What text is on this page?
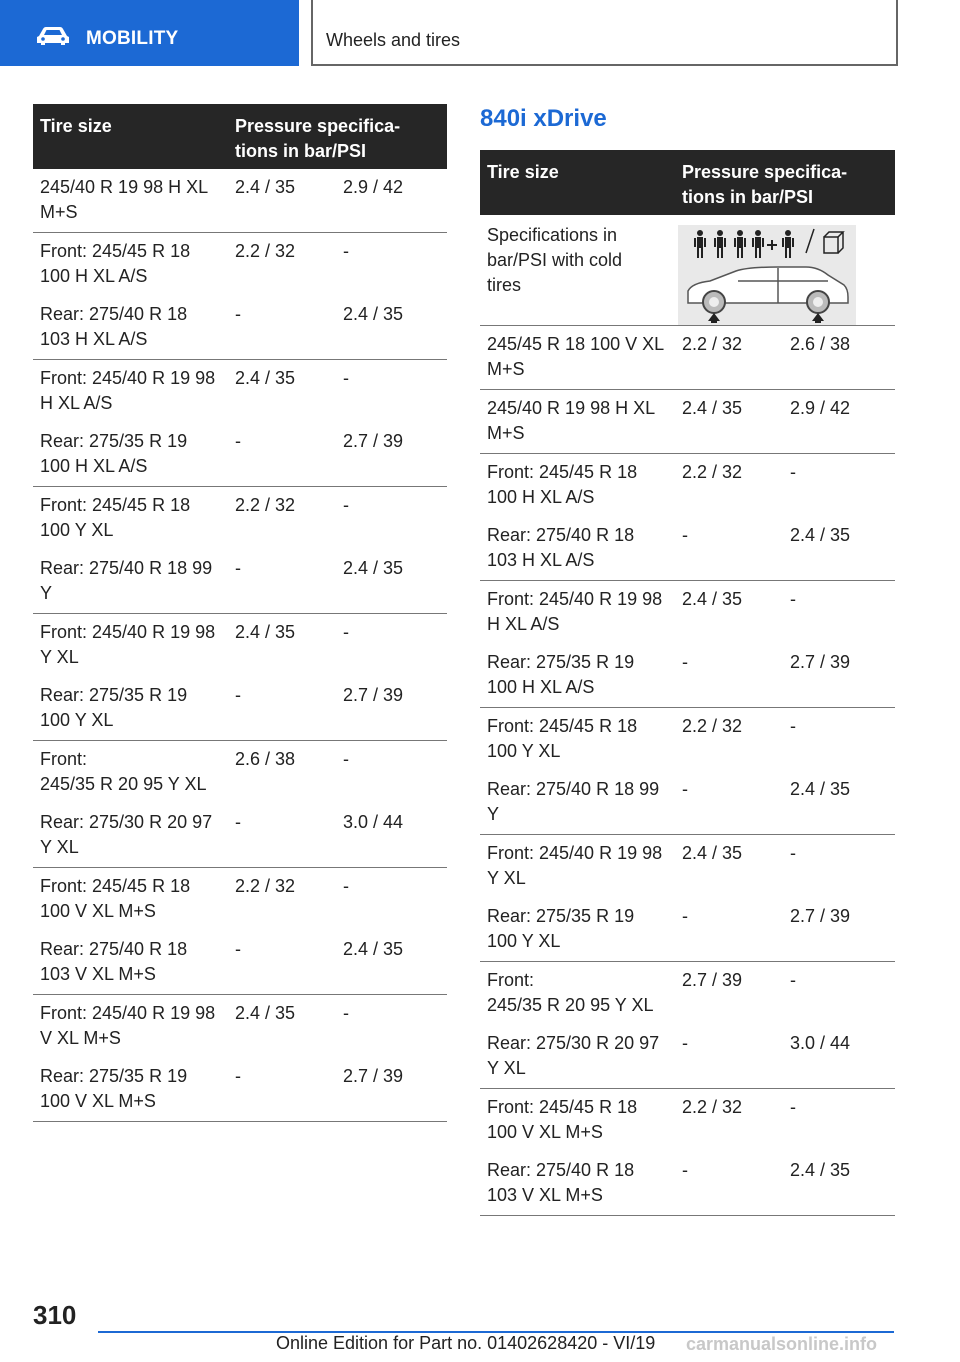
MOBILITY	Wheels and tires
Tire size	Pressure specifica-
tions in bar/PSI	
245/40 R 19 98 H XL M+S	2.4 / 35	2.9 / 42
Front: 245/45 R 18 100 H XL A/S	2.2 / 32	-
Rear: 275/40 R 18 103 H XL A/S	-	2.4 / 35
Front: 245/40 R 19 98 H XL A/S	2.4 / 35	-
Rear: 275/35 R 19 100 H XL A/S	-	2.7 / 39
Front: 245/45 R 18 100 Y XL	2.2 / 32	-
Rear: 275/40 R 18 99 Y	-	2.4 / 35
Front: 245/40 R 19 98 Y XL	2.4 / 35	-
Rear: 275/35 R 19 100 Y XL	-	2.7 / 39
Front:
245/35 R 20 95 Y XL	2.6 / 38	-
Rear: 275/30 R 20 97 Y XL	-	3.0 / 44
Front: 245/45 R 18 100 V XL M+S	2.2 / 32	-
Rear: 275/40 R 18 103 V XL M+S	-	2.4 / 35
Front: 245/40 R 19 98 V XL M+S	2.4 / 35	-
Rear: 275/35 R 19 100 V XL M+S	-	2.7 / 39
840i xDrive
Tire size	Pressure specifica-
tions in bar/PSI	
Specifications in bar/PSI with cold tires	

245/45 R 18 100 V XL M+S	2.2 / 32	2.6 / 38
245/40 R 19 98 H XL M+S	2.4 / 35	2.9 / 42
Front: 245/45 R 18 100 H XL A/S	2.2 / 32	-
Rear: 275/40 R 18 103 H XL A/S	-	2.4 / 35
Front: 245/40 R 19 98 H XL A/S	2.4 / 35	-
Rear: 275/35 R 19 100 H XL A/S	-	2.7 / 39
Front: 245/45 R 18 100 Y XL	2.2 / 32	-
Rear: 275/40 R 18 99 Y	-	2.4 / 35
Front: 245/40 R 19 98 Y XL	2.4 / 35	-
Rear: 275/35 R 19 100 Y XL	-	2.7 / 39
Front:
245/35 R 20 95 Y XL	2.7 / 39	-
Rear: 275/30 R 20 97 Y XL	-	3.0 / 44
Front: 245/45 R 18 100 V XL M+S	2.2 / 32	-
Rear: 275/40 R 18 103 V XL M+S	-	2.4 / 35
310
Online Edition for Part no. 01402628420 - VI/19 carmanualsonline.info
